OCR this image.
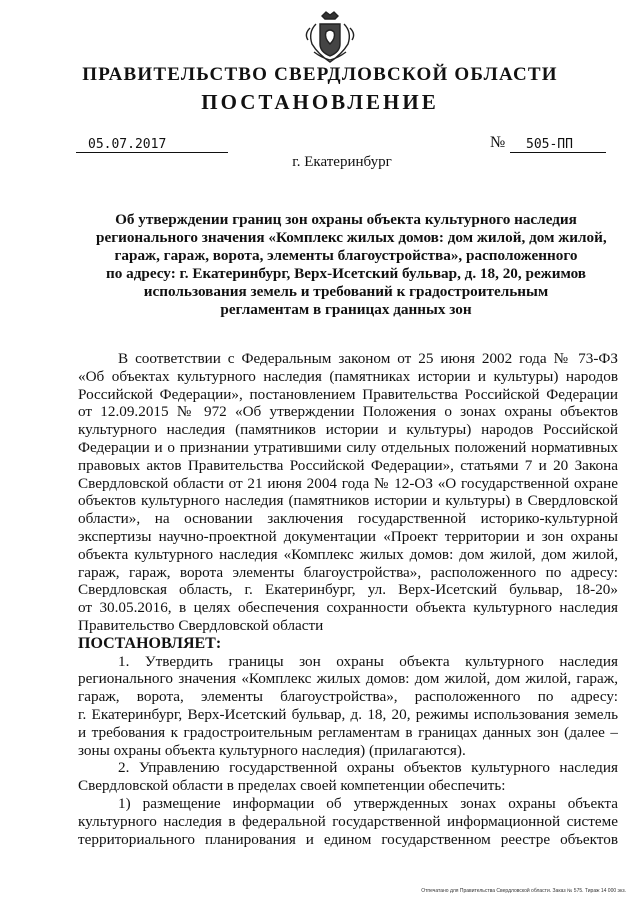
ПРАВИТЕЛЬСТВО СВЕРДЛОВСКОЙ ОБЛАСТИ
ПОСТАНОВЛЕНИЕ
05.07.2017	№	505-ПП
г. Екатеринбург
Об утверждении границ зон охраны объекта культурного наследия
регионального значения «Комплекс жилых домов: дом жилой, дом жилой,
гараж, гараж, ворота, элементы благоустройства», расположенного
по адресу: г. Екатеринбург, Верх-Исетский бульвар, д. 18, 20, режимов
использования земель и требований к градостроительным
регламентам в границах данных зон
В соответствии с Федеральным законом от 25 июня 2002 года № 73-ФЗ
«Об объектах культурного наследия (памятниках истории и культуры) народов
Российской Федерации», постановлением Правительства Российской Федерации
от 12.09.2015 № 972 «Об утверждении Положения о зонах охраны объектов
культурного наследия (памятников истории и культуры) народов Российской
Федерации и о признании утратившими силу отдельных положений нормативных
правовых актов Правительства Российской Федерации», статьями 7 и 20 Закона
Свердловской области от 21 июня 2004 года № 12-ОЗ «О государственной охране
объектов культурного наследия (памятников истории и культуры) в Свердловской
области», на основании заключения государственной историко-культурной
экспертизы научно-проектной документации «Проект территории и зон охраны
объекта культурного наследия «Комплекс жилых домов: дом жилой, дом жилой,
гараж, гараж, ворота элементы благоустройства», расположенного по адресу:
Свердловская область, г. Екатеринбург, ул. Верх-Исетский бульвар, 18-20»
от 30.05.2016, в целях обеспечения сохранности объекта культурного наследия
Правительство Свердловской области
ПОСТАНОВЛЯЕТ:
1. Утвердить границы зон охраны объекта культурного наследия
регионального значения «Комплекс жилых домов: дом жилой, дом жилой, гараж,
гараж, ворота, элементы благоустройства», расположенного по адресу:
г. Екатеринбург, Верх-Исетский бульвар, д. 18, 20, режимы использования земель
и требования к градостроительным регламентам в границах данных зон (далее –
зоны охраны объекта культурного наследия) (прилагаются).
2. Управлению государственной охраны объектов культурного наследия
Свердловской области в пределах своей компетенции обеспечить:
1) размещение информации об утвержденных зонах охраны объекта
культурного наследия в федеральной государственной информационной системе
территориального планирования и едином государственном реестре объектов
Отпечатано для Правительства Свердловской области. Заказ № 575. Тираж 14 000 экз.
